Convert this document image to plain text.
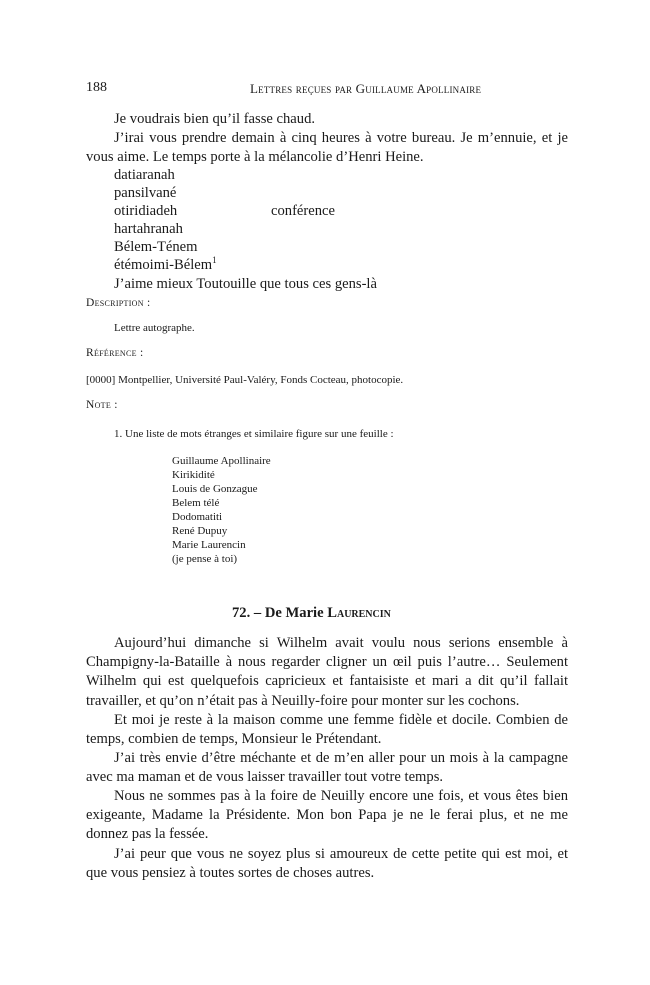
188	Lettres reçues par Guillaume Apollinaire
Je voudrais bien qu’il fasse chaud.
J’irai vous prendre demain à cinq heures à votre bureau. Je m’ennuie, et je
vous aime. Le temps porte à la mélancolie d’Henri Heine.
datiaranah
pansilvané
otiridiadeh	conférence
hartahranah
Bélem-Ténem
étémoimi-Bélem$^1$
J’aime mieux Toutouille que tous ces gens-là
Description :
Lettre autographe.
Référence :
[0000] Montpellier, Université Paul-Valéry, Fonds Cocteau, photocopie.
Note :
1. Une liste de mots étranges et similaire figure sur une feuille :
Guillaume Apollinaire
Kirikidité
Louis de Gonzague
Belem télé
Dodomatiti
René Dupuy
Marie Laurencin
(je pense à toi)
72. – De Marie Laurencin

Aujourd’hui dimanche si Wilhelm avait voulu nous serions ensemble à Champigny-la-Bataille à nous regarder cligner un œil puis l’autre… Seulement Wilhelm qui est quelquefois capricieux et fantaisiste et mari a dit qu’il fallait travailler, et qu’on n’était pas à Neuilly-foire pour monter sur les cochons.

Et moi je reste à la maison comme une femme fidèle et docile. Combien de temps, combien de temps, Monsieur le Prétendant.

J’ai très envie d’être méchante et de m’en aller pour un mois à la campagne avec ma maman et de vous laisser travailler tout votre temps.

Nous ne sommes pas à la foire de Neuilly encore une fois, et vous êtes bien exigeante, Madame la Présidente. Mon bon Papa je ne le ferai plus, et ne me donnez pas la fessée.

J’ai peur que vous ne soyez plus si amoureux de cette petite qui est moi, et que vous pensiez à toutes sortes de choses autres.
